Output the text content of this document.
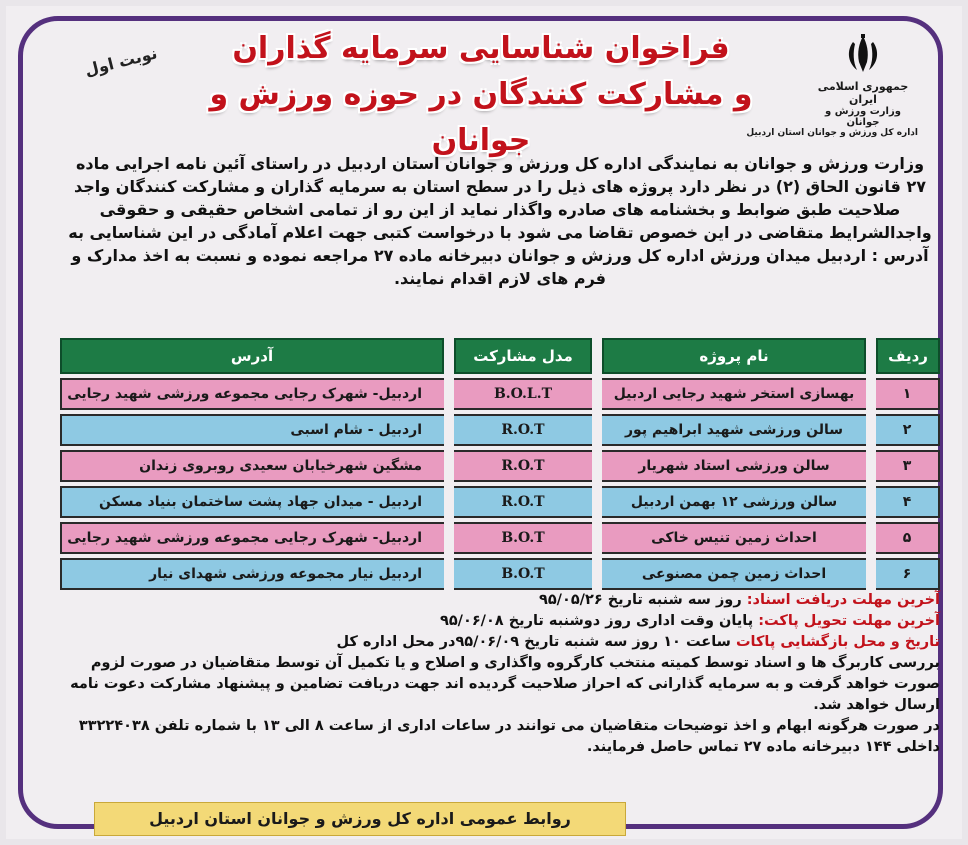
جمهوری اسلامی ایران
وزارت ورزش و جوانان
اداره کل ورزش و جوانان استان اردبیل
فراخوان شناسایی سرمایه گذاران
و مشارکت کنندگان در حوزه ورزش و جوانان
نوبت اول
وزارت ورزش و جوانان به نمایندگی اداره کل ورزش و جوانان استان اردبیل در راستای آئین نامه اجرایی ماده ۲۷ قانون الحاق (۲) در نظر دارد پروژه های ذیل را در سطح استان به سرمایه گذاران و مشارکت کنندگان واجد صلاحیت طبق ضوابط و بخشنامه های صادره واگذار نماید از این رو از تمامی اشخاص حقیقی و حقوقی واجدالشرایط متقاضی در این خصوص تقاضا می شود با درخواست کتبی جهت اعلام آمادگی در این شناسایی به آدرس : اردبیل میدان ورزش اداره کل ورزش و جوانان دبیرخانه ماده ۲۷ مراجعه نموده و نسبت به اخذ مدارک و فرم های لازم اقدام نمایند.
ردیف		نام پروژه		مدل مشارکت		آدرس
۱		بهسازی استخر شهید رجایی اردبیل		B.O.L.T		اردبیل- شهرک رجایی مجموعه ورزشی شهید رجایی
۲		سالن ورزشی شهید ابراهیم پور		R.O.T		اردبیل - شام اسبی
۳		سالن ورزشی استاد شهریار		R.O.T		مشگین شهرخیابان سعیدی روبروی زندان
۴		سالن ورزشی ۱۲ بهمن اردبیل		R.O.T		اردبیل - میدان جهاد پشت ساختمان بنیاد مسکن
۵		احداث زمین تنیس خاکی		B.O.T		اردبیل- شهرک رجایی مجموعه ورزشی شهید رجایی
۶		احداث زمین چمن مصنوعی		B.O.T		اردبیل نیار مجموعه ورزشی شهدای نیار
آخرین مهلت دریافت اسناد: روز سه شنبه تاریخ ۹۵/۰۵/۲۶
آخرین مهلت تحویل پاکت: پایان وقت اداری روز دوشنبه تاریخ ۹۵/۰۶/۰۸
تاریخ و محل بازگشایی پاکات ساعت ۱۰ روز سه شنبه تاریخ ۹۵/۰۶/۰۹در محل اداره کل
بررسی کاربرگ ها و اسناد توسط کمیته منتخب کارگروه واگذاری و اصلاح و یا تکمیل آن توسط متقاضیان در صورت لزوم صورت خواهد گرفت و به سرمایه گذارانی که احراز صلاحیت گردیده اند جهت دریافت تضامین و پیشنهاد مشارکت دعوت نامه ارسال خواهد شد.
در صورت هرگونه ابهام و اخذ توضیحات متقاضیان می توانند در ساعات اداری از ساعت ۸ الی ۱۳ با شماره تلفن ۳۳۲۲۴۰۳۸ داخلی ۱۴۴ دبیرخانه ماده ۲۷ تماس حاصل فرمایند.
روابط عمومی اداره کل ورزش و جوانان استان اردبیل
